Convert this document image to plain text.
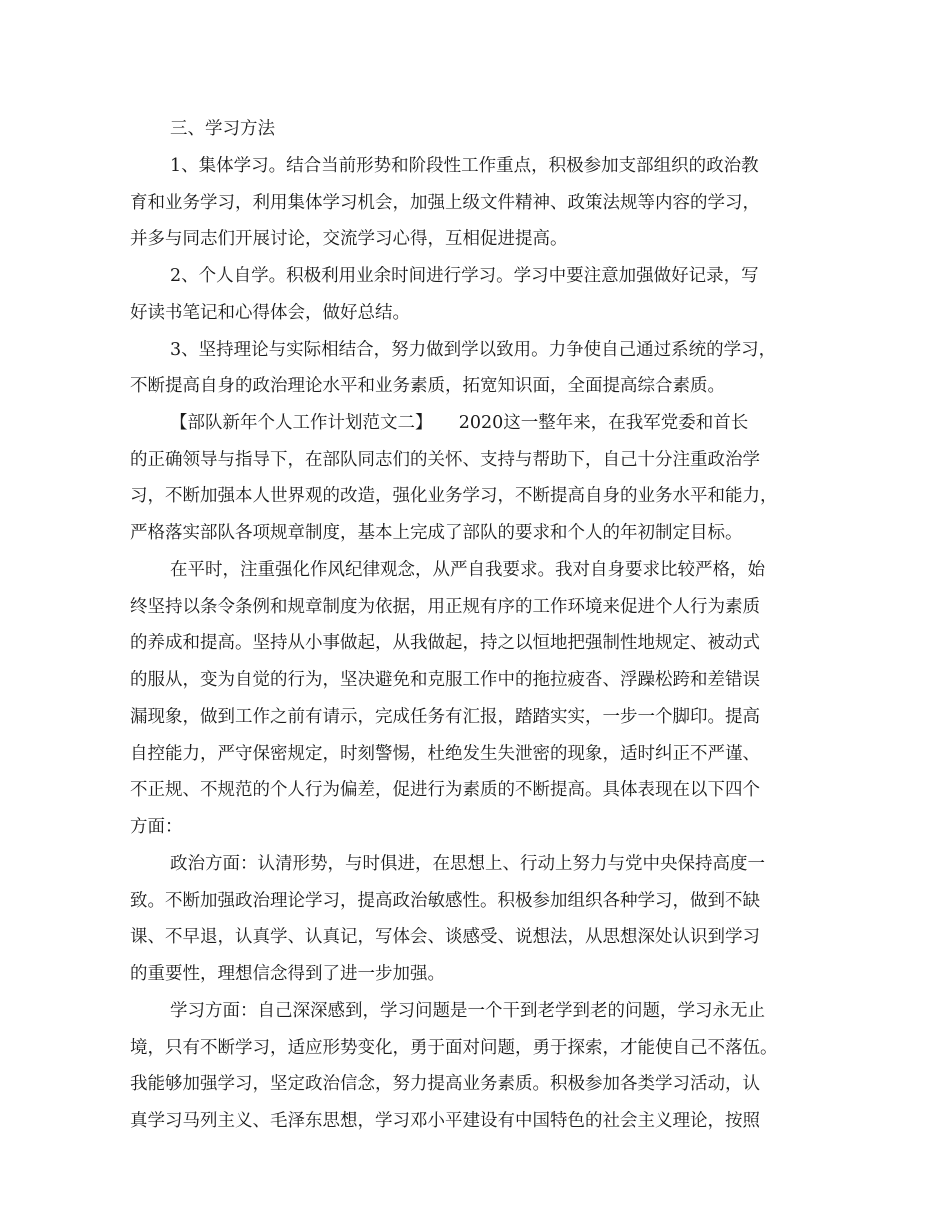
三、学习方法
1、集体学习。结合当前形势和阶段性工作重点，积极参加支部组织的政治教
育和业务学习，利用集体学习机会，加强上级文件精神、政策法规等内容的学习，
并多与同志们开展讨论，交流学习心得，互相促进提高。
2、个人自学。积极利用业余时间进行学习。学习中要注意加强做好记录，写
好读书笔记和心得体会，做好总结。
3、坚持理论与实际相结合，努力做到学以致用。力争使自己通过系统的学习，
不断提高自身的政治理论水平和业务素质，拓宽知识面，全面提高综合素质。
【部队新年个人工作计划范文二】　　2020这一整年来，在我军党委和首长
的正确领导与指导下，在部队同志们的关怀、支持与帮助下，自己十分注重政治学
习，不断加强本人世界观的改造，强化业务学习，不断提高自身的业务水平和能力，
严格落实部队各项规章制度，基本上完成了部队的要求和个人的年初制定目标。
在平时，注重强化作风纪律观念，从严自我要求。我对自身要求比较严格，始
终坚持以条令条例和规章制度为依据，用正规有序的工作环境来促进个人行为素质
的养成和提高。坚持从小事做起，从我做起，持之以恒地把强制性地规定、被动式
的服从，变为自觉的行为，坚决避免和克服工作中的拖拉疲沓、浮躁松跨和差错误
漏现象，做到工作之前有请示，完成任务有汇报，踏踏实实，一步一个脚印。提高
自控能力，严守保密规定，时刻警惕，杜绝发生失泄密的现象，适时纠正不严谨、
不正规、不规范的个人行为偏差，促进行为素质的不断提高。具体表现在以下四个
方面：
政治方面：认清形势，与时俱进，在思想上、行动上努力与党中央保持高度一
致。不断加强政治理论学习，提高政治敏感性。积极参加组织各种学习，做到不缺
课、不早退，认真学、认真记，写体会、谈感受、说想法，从思想深处认识到学习
的重要性，理想信念得到了进一步加强。
学习方面：自己深深感到，学习问题是一个干到老学到老的问题，学习永无止
境，只有不断学习，适应形势变化，勇于面对问题，勇于探索，才能使自己不落伍。
我能够加强学习，坚定政治信念，努力提高业务素质。积极参加各类学习活动，认
真学习马列主义、毛泽东思想，学习邓小平建设有中国特色的社会主义理论，按照
